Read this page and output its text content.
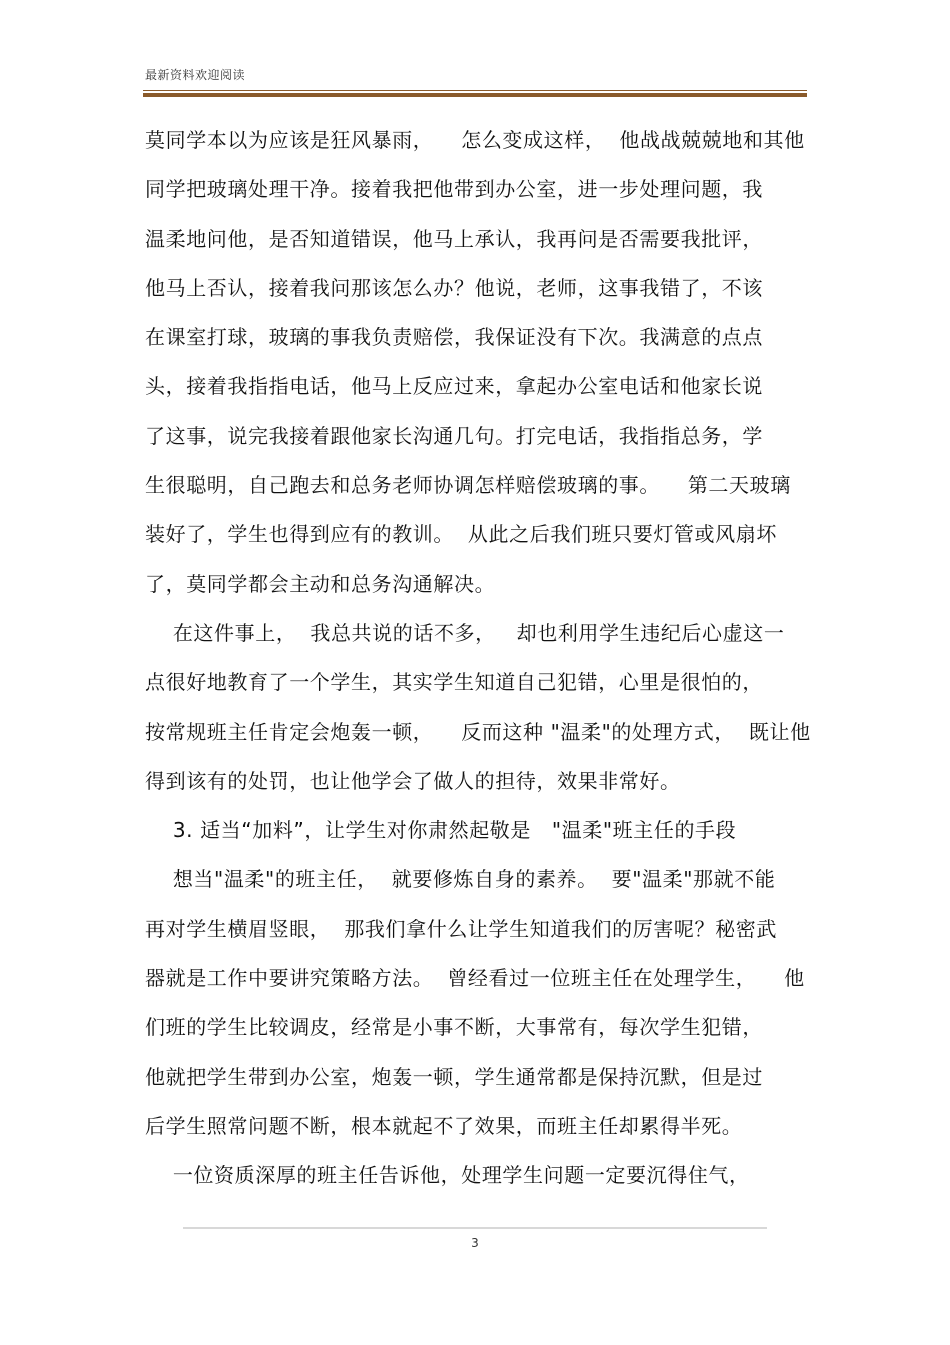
最新资料欢迎阅读
莫同学本以为应该是狂风暴雨，    怎么变成这样，  他战战兢兢地和其他
同学把玻璃处理干净。接着我把他带到办公室，进一步处理问题，我
温柔地问他，是否知道错误，他马上承认，我再问是否需要我批评，
他马上否认，接着我问那该怎么办？他说，老师，这事我错了，不该
在课室打球，玻璃的事我负责赔偿，我保证没有下次。我满意的点点
头，接着我指指电话，他马上反应过来，拿起办公室电话和他家长说
了这事，说完我接着跟他家长沟通几句。打完电话，我指指总务，学
生很聪明，自己跑去和总务老师协调怎样赔偿玻璃的事。    第二天玻璃
装好了，学生也得到应有的教训。  从此之后我们班只要灯管或风扇坏
了，莫同学都会主动和总务沟通解决。
在这件事上，  我总共说的话不多，   却也利用学生违纪后心虚这一
点很好地教育了一个学生，其实学生知道自己犯错，心里是很怕的，
按常规班主任肯定会炮轰一顿，    反而这种 "温柔"的处理方式，  既让他
得到该有的处罚，也让他学会了做人的担待，效果非常好。
3. 适当“加料”，让学生对你肃然起敬是   "温柔"班主任的手段
想当"温柔"的班主任，  就要修炼自身的素养。  要"温柔"那就不能
再对学生横眉竖眼，  那我们拿什么让学生知道我们的厉害呢？秘密武
器就是工作中要讲究策略方法。  曾经看过一位班主任在处理学生，    他
们班的学生比较调皮，经常是小事不断，大事常有，每次学生犯错，
他就把学生带到办公室，炮轰一顿，学生通常都是保持沉默，但是过
后学生照常问题不断，根本就起不了效果，而班主任却累得半死。
一位资质深厚的班主任告诉他，处理学生问题一定要沉得住气，
3
